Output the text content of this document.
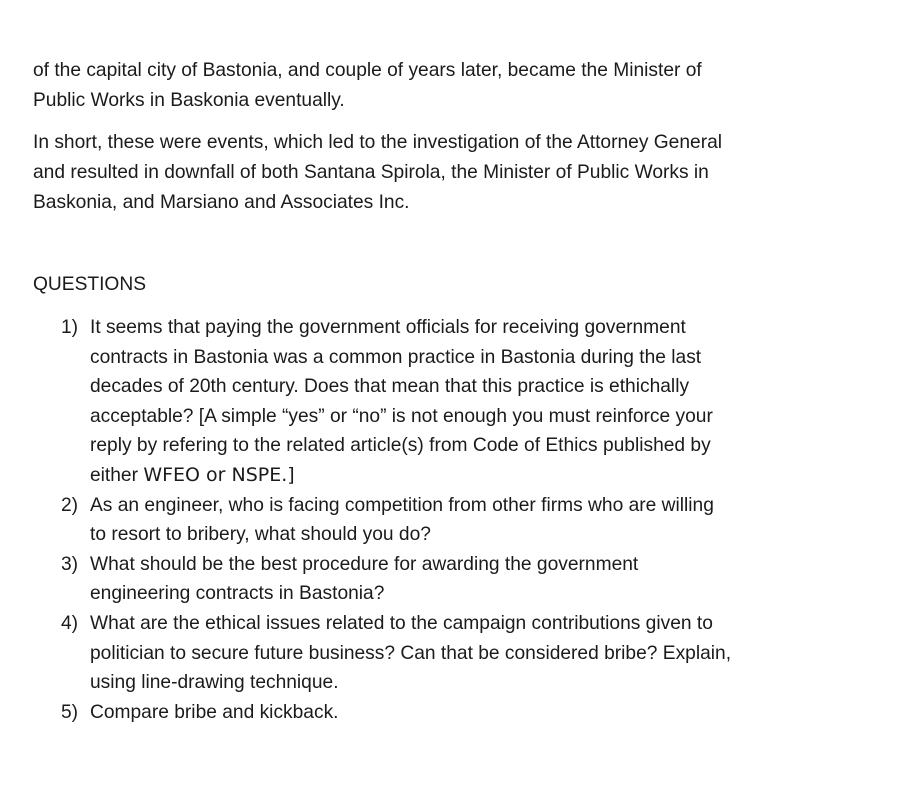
of the capital city of Bastonia, and couple of years later, became the Minister of
Public Works in Baskonia eventually.

In short, these were events, which led to the investigation of the Attorney General
and resulted in downfall of both Santana Spirola, the Minister of Public Works in
Baskonia, and Marsiano and Associates Inc.

QUESTIONS
1) It seems that paying the government officials for receiving government
contracts in Bastonia was a common practice in Bastonia during the last
decades of 20th century. Does that mean that this practice is ethichally
acceptable? [A simple “yes” or “no” is not enough you must reinforce your
reply by refering to the related article(s) from Code of Ethics published by
either WFEO or NSPE.]
2) As an engineer, who is facing competition from other firms who are willing
to resort to bribery, what should you do?
3) What should be the best procedure for awarding the government
engineering contracts in Bastonia?
4) What are the ethical issues related to the campaign contributions given to
politician to secure future business? Can that be considered bribe? Explain,
using line-drawing technique.
5) Compare bribe and kickback.
